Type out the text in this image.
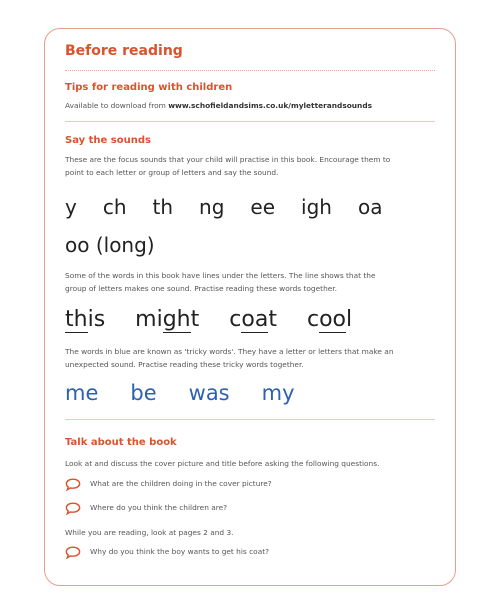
Before reading
Tips for reading with children
Available to download from www.schofieldandsims.co.uk/myletterandsounds
Say the sounds
These are the focus sounds that your child will practise in this book. Encourage them to
point to each letter or group of letters and say the sound.
y ch th ng ee igh oa
oo (long)
Some of the words in this book have lines under the letters. The line shows that the
group of letters makes one sound. Practise reading these words together.
this might coat cool
The words in blue are known as 'tricky words'. They have a letter or letters that make an
unexpected sound. Practise reading these tricky words together.
me be was my
Talk about the book
Look at and discuss the cover picture and title before asking the following questions.
What are the children doing in the cover picture?
Where do you think the children are?
While you are reading, look at pages 2 and 3.
Why do you think the boy wants to get his coat?
